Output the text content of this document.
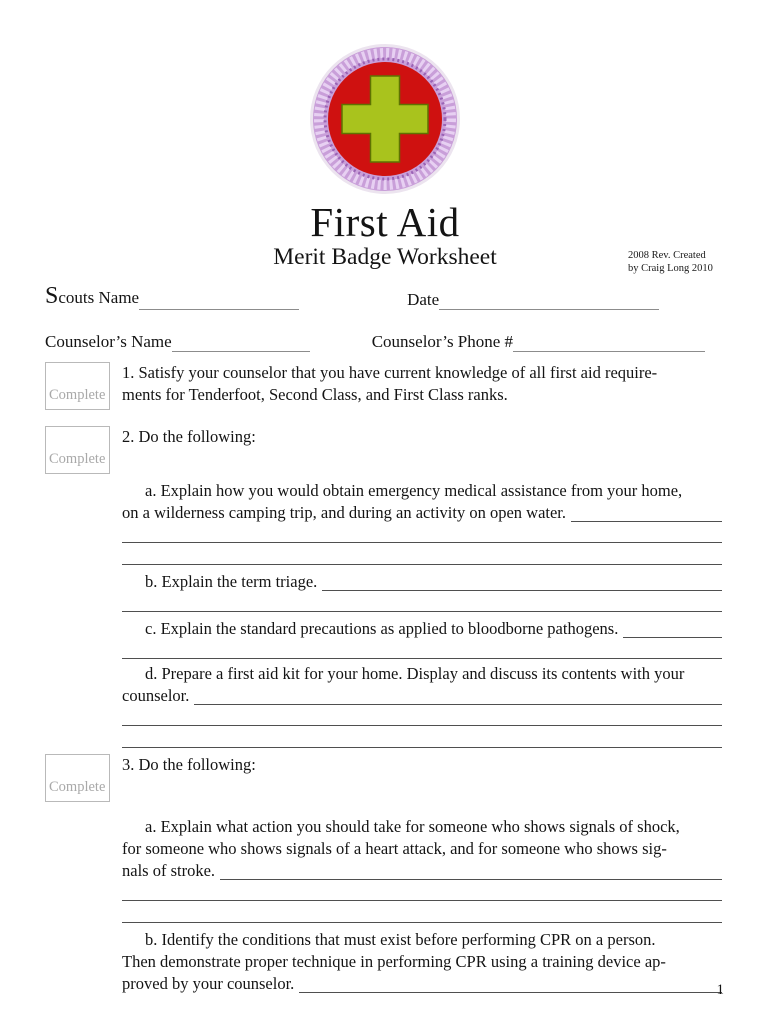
First Aid
Merit Badge Worksheet	2008 Rev. Created
by Craig Long 2010
Scouts Name	Date
Counselor’s Name	Counselor’s Phone #
Complete
1. Satisfy your counselor that you have current knowledge of all first aid require-
ments for Tenderfoot, Second Class, and First Class ranks.
Complete
2. Do the following:
a. Explain how you would obtain emergency medical assistance from your home,
on a wilderness camping trip, and during an activity on open water.
b. Explain the term triage.
c. Explain the standard precautions as applied to bloodborne pathogens.
d. Prepare a first aid kit for your home. Display and discuss its contents with your
counselor.
Complete
3. Do the following:
a. Explain what action you should take for someone who shows signals of shock,
for someone who shows signals of a heart attack, and for someone who shows sig-
nals of stroke.
b. Identify the conditions that must exist before performing CPR on a person.
Then demonstrate proper technique in performing CPR using a training device ap-
proved by your counselor.	1
